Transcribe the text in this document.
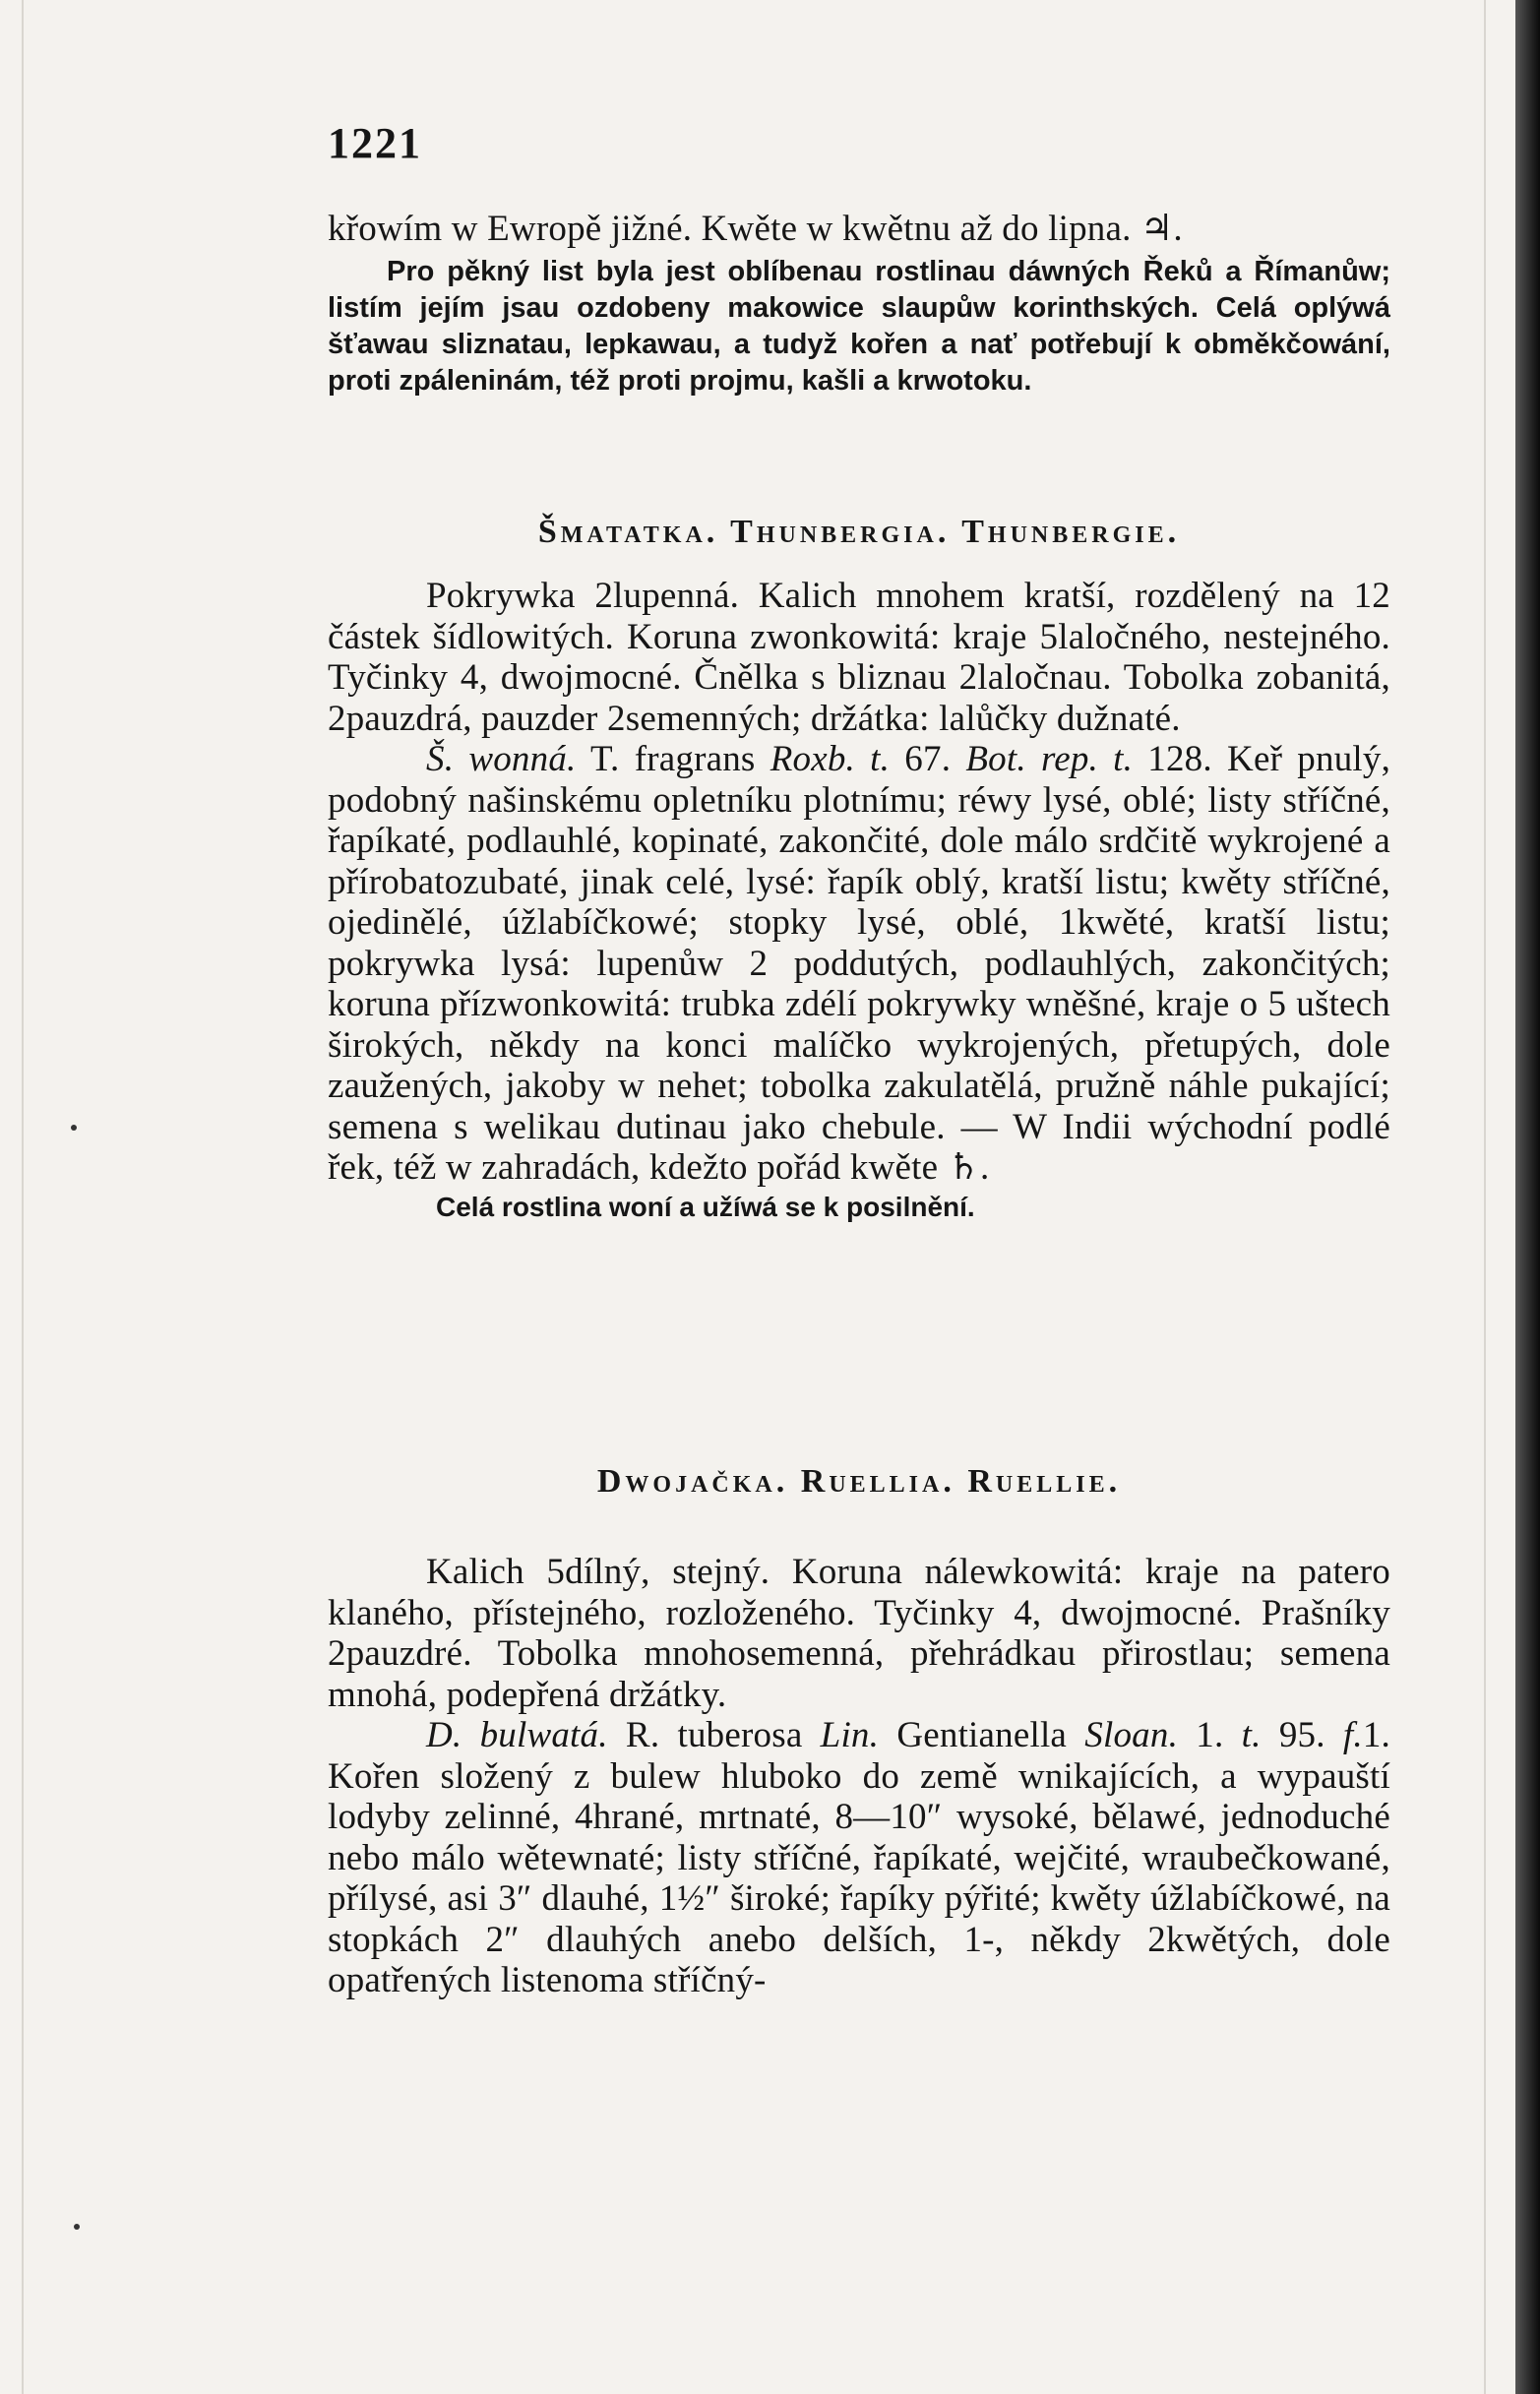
1221

křowím w Ewropě jižné. Kwěte w kwětnu až do lipna. ♃.

Pro pěkný list byla jest oblíbenau rostlinau dáwných Řeků a Římanůw; listím jejím jsau ozdobeny makowice slaupůw korinthských. Celá oplýwá šťawau sliznatau, lepkawau, a tudyž kořen a nať potřebují k obměkčowání, proti zpáleninám, též proti projmu, kašli a krwotoku.

Šmatatka. Thunbergia. Thunbergie.

Pokrywka 2lupenná. Kalich mnohem kratší, rozdělený na 12 částek šídlowitých. Koruna zwonkowitá: kraje 5laločného, nestejného. Tyčinky 4, dwojmocné. Čnělka s bliznau 2laločnau. Tobolka zobanitá, 2pauzdrá, pauzder 2semenných; držátka: lalůčky dužnaté.

Š. wonná. T. fragrans Roxb. t. 67. Bot. rep. t. 128. Keř pnulý, podobný našinskému opletníku plotnímu; réwy lysé, oblé; listy stříčné, řapíkaté, podlauhlé, kopinaté, zakončité, dole málo srdčitě wykrojené a přírobatozubaté, jinak celé, lysé: řapík oblý, kratší listu; kwěty stříčné, ojedinělé, úžlabíčkowé; stopky lysé, oblé, 1kwěté, kratší listu; pokrywka lysá: lupenůw 2 poddutých, podlauhlých, zakončitých; koruna přízwonkowitá: trubka zdélí pokrywky wněšné, kraje o 5 uštech širokých, někdy na konci malíčko wykrojených, přetupých, dole zaužených, jakoby w nehet; tobolka zakulatělá, pružně náhle pukající; semena s welikau dutinau jako chebule. — W Indii wýchodní podlé řek, též w zahradách, kdežto pořád kwěte ♄.

Celá rostlina woní a užíwá se k posilnění.

Dwojačka. Ruellia. Ruellie.

Kalich 5dílný, stejný. Koruna nálewkowitá: kraje na patero klaného, přístejného, rozloženého. Tyčinky 4, dwojmocné. Prašníky 2pauzdré. Tobolka mnohosemenná, přehrádkau přirostlau; semena mnohá, podepřená držátky.

D. bulwatá. R. tuberosa Lin. Gentianella Sloan. 1. t. 95. f.1. Kořen složený z bulew hluboko do země wnikajících, a wypauští lodyby zelinné, 4hrané, mrtnaté, 8—10″ wysoké, bělawé, jednoduché nebo málo wětewnaté; listy stříčné, řapíkaté, wejčité, wraubečkowané, přílysé, asi 3″ dlauhé, 1½″ široké; řapíky pýřité; kwěty úžlabíčkowé, na stopkách 2″ dlauhých anebo delších, 1-, někdy 2kwětých, dole opatřených listenoma stříčný-
